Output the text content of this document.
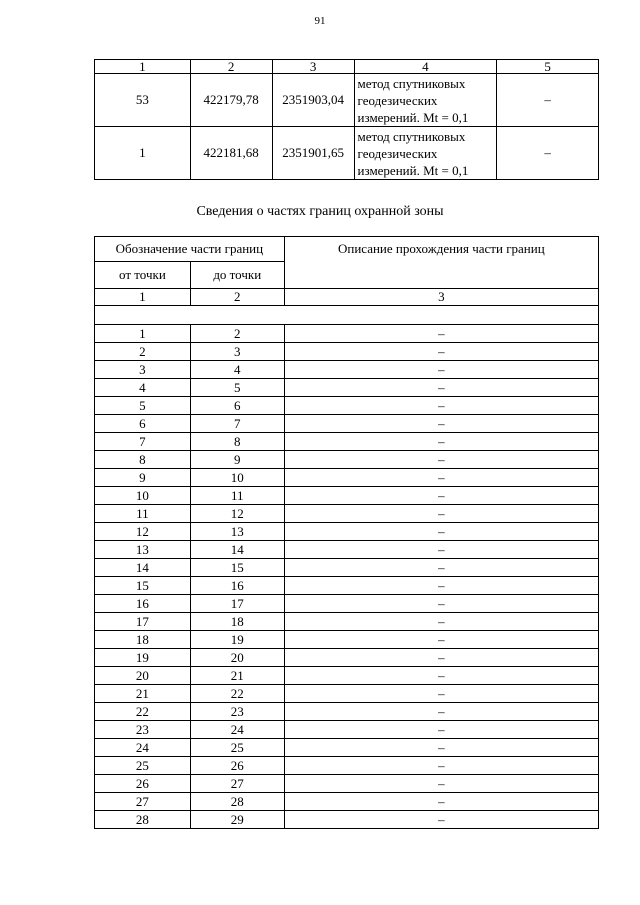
91
1	2	3	4	5
53	422179,78	2351903,04	метод спутниковых
геодезических
измерений. Mt = 0,1	–
1	422181,68	2351901,65	метод спутниковых
геодезических
измерений. Mt = 0,1	–
Сведения о частях границ охранной зоны
Обозначение части границ		Описание прохождения части границ
от точки	до точки	
1	2	3

1	2	–
2	3	–
3	4	–
4	5	–
5	6	–
6	7	–
7	8	–
8	9	–
9	10	–
10	11	–
11	12	–
12	13	–
13	14	–
14	15	–
15	16	–
16	17	–
17	18	–
18	19	–
19	20	–
20	21	–
21	22	–
22	23	–
23	24	–
24	25	–
25	26	–
26	27	–
27	28	–
28	29	–
